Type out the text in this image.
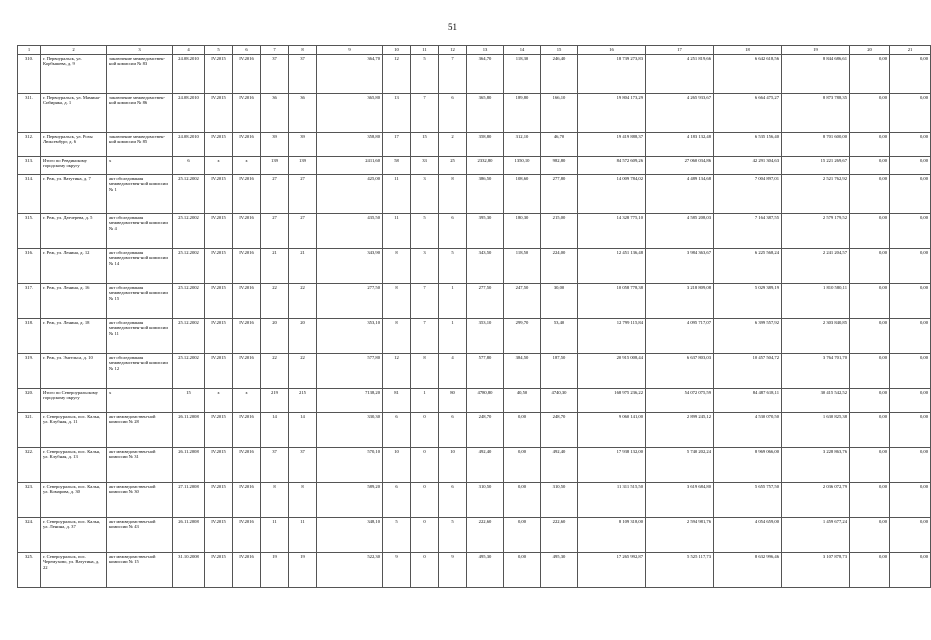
51
1	2	3	4	5	6	7	8	9	10	11	12	13	14	15	16	17	18	19	20	21
310.	г. Первоуральск, ул. Корбышева, д. 9	заключение межведомствен-ной комиссии № 83	24.08.2010	IV.2015	IV.2016	37	37	364,70	12	5	7	364,70	118,30	246,40	18 739 273,83	4 251 819,66	6 642 618,56	8 844 686,61	0,00	0,00
311.	г. Первоуральск, ул. Мамина-Сибиряка, д. 1	заключение межведомствен-ной комиссии № 86	24.08.2010	IV.2015	IV.2016	36	36	365,80	13	7	6	365,80	189,80	166,10	19 804 173,29	4 265 933,67	6 664 475,27	8 873 788,35	0,00	0,00
312.	г. Первоуральск, ул. Розы Люксембург, д. 6	заключение межведомствен-ной комиссии № 85	24.08.2010	IV.2015	IV.2016	39	39	358,80	17	15	2	358,80	312,10	46,70	19 419 888,37	4 183 132,48	6 535 156,40	8 701 600,00	0,00	0,00
313.	Итого по Ревдинскому городскому округу	x	6	x	x	139	139	2411,60	58	33	25	2332,80	1350,10	982,80	84 572 609,26	27 060 034,86	42 291 304,63	15 221 269,67	0,00	0,00
314.	г. Реж, ул. Ватутина, д. 7	акт обследования межведомствен-ной комиссии № 1	25.12.2002	IV.2015	IV.2016	27	27	425,00	11	3	8	386,50	108,60	277,80	14 009 784,02	4 489 134,68	7 004 897,01	2 521 762,92	0,00	0,00
315.	г. Реж, ул. Датчерева, д. 5	акт обследования межведомствен-ной комиссии № 4	25.12.2002	IV.2015	IV.2016	27	27	435,50	11	5	6	395,30	180,30	215,00	14 328 775,10	4 585 208,03	7 164 387,55	2 579 179,52	0,00	0,00
316.	г. Реж, ул. Ленина, д. 12	акт обследования межведомствен-ной комиссии № 14	25.12.2002	IV.2015	IV.2016	21	21	343,90	8	3	5	343,50	118,50	224,00	12 451 136,48	3 984 363,67	6 225 568,24	2 241 204,57	0,00	0,00
317.	г. Реж, ул. Ленина, д. 16	акт обследования межведомствен-ной комиссии № 15	25.12.2002	IV.2015	IV.2016	22	22	277,50	8	7	1	277,50	247,50	30,00	10 058 778,38	3 218 809,08	5 029 389,19	1 810 580,11	0,00	0,00
318.	г. Реж, ул. Ленина, д. 18	акт обследования межведомствен-ной комиссии № 11	25.12.2002	IV.2015	IV.2016	20	20	353,10	8	7	1	353,10	299,70	53,40	12 799 115,84	4 095 717,07	6 399 557,92	2 303 840,85	0,00	0,00
319.	г. Реж, ул. Энгельса, д. 10	акт обследования межведомствен-ной комиссии № 12	25.12.2002	IV.2015	IV.2016	22	22	577,80	12	8	4	577,80	384,50	187,50	20 915 008,44	6 637 803,03	10 457 504,72	3 764 701,70	0,00	0,00
320.	Итого по Североуральскому городскому округу	x	15	x	x	219	215	7138,20	81	1	80	4780,80	40,50	4740,30	168 975 236,22	54 072 075,59	84 487 618,11	30 415 542,52	0,00	0,00
321.	г. Североуральск, пос. Калья, ул. Клубная, д. 11	акт межведомствен-ной комиссии № 28	26.11.2008	IV.2015	IV.2016	14	14	330,30	6	0	6	248,70	0,00	248,70	9 060 141,00	2 899 245,12	4 530 070,50	1 630 825,38	0,00	0,00
322.	г. Североуральск, пос. Калья, ул. Клубная, д. 13	акт межведомствен-ной комиссии № 31	26.11.2008	IV.2015	IV.2016	37	37	570,10	10	0	10	492,40	0,00	492,40	17 938 132,00	5 740 202,24	8 969 066,00	3 228 863,76	0,00	0,00
323.	г. Североуральск, пос. Калья, ул. Комарова, д. 30	акт межведомствен-ной комиссии № 30	27.11.2008	IV.2015	IV.2016	8	8	589,20	6	0	6	310,50	0,00	310,50	11 311 515,50	3 619 684,80	5 655 757,50	2 036 072,79	0,00	0,00
324.	г. Североуральск, пос. Калья, ул. Ленина, д. 37	акт межведомствен-ной комиссии № 43	26.11.2008	IV.2015	IV.2016	11	11	348,10	5	0	5	222,60	0,00	222,60	8 109 318,00	2 594 981,76	4 054 659,00	1 459 677,24	0,00	0,00
325.	г. Североуральск, пос. Черемухово, ул. Ватутина, д. 22	акт межведомствен-ной комиссии № 15	31.10.2008	IV.2015	IV.2016	19	19	522,30	9	0	9	495,30	0,00	495,30	17 265 992,87	5 525 117,73	8 632 996,46	3 107 878,73	0,00	0,00
